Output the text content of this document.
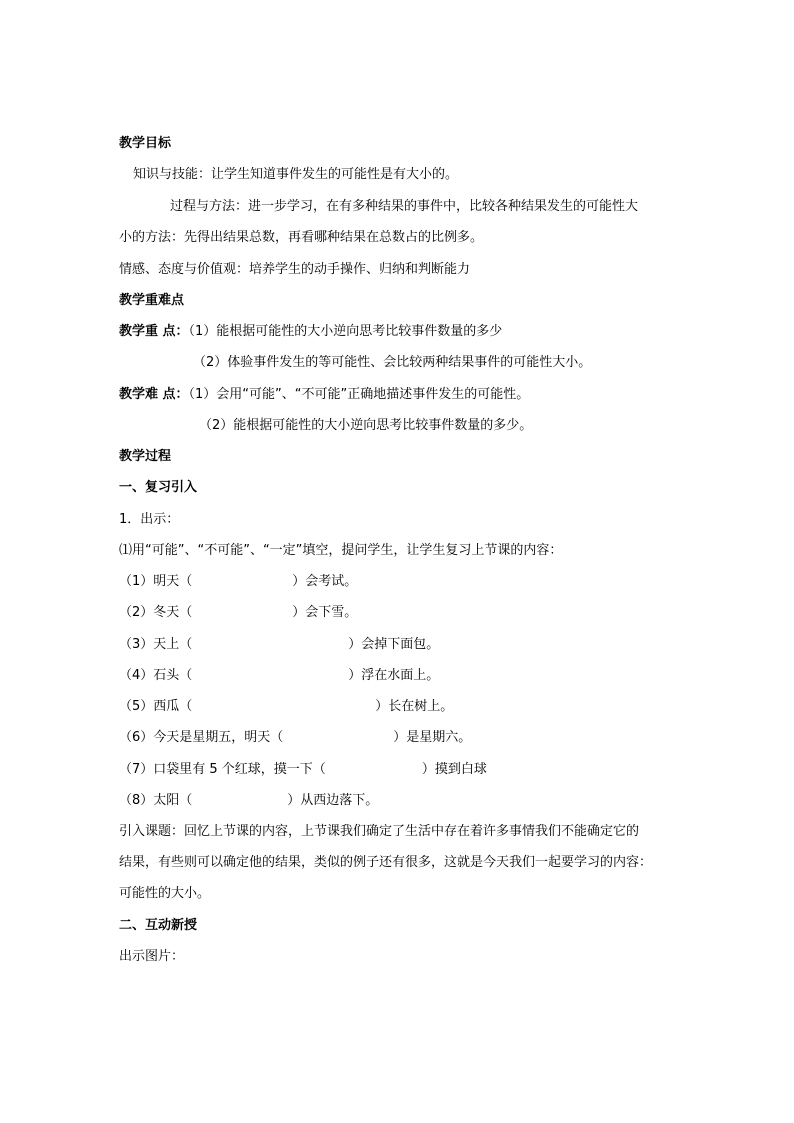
教学目标
知识与技能：让学生知道事件发生的可能性是有大小的。
过程与方法：进一步学习，在有多种结果的事件中，比较各种结果发生的可能性大
小的方法：先得出结果总数，再看哪种结果在总数占的比例多。
情感、态度与价值观：培养学生的动手操作、归纳和判断能力
教学重难点
教学重 点：（1）能根据可能性的大小逆向思考比较事件数量的多少
（2）体验事件发生的等可能性、会比较两种结果事件的可能性大小。
教学难 点：（1）会用“可能”、“不可能”正确地描述事件发生的可能性。
（2）能根据可能性的大小逆向思考比较事件数量的多少。
教学过程
一、复习引入
1．出示：
⑴用“可能”、“不可能”、“一定”填空，提问学生，让学生复习上节课的内容：
（1）明天（	）会考试。
（2）冬天（	）会下雪。
（3）天上（	）会掉下面包。
（4）石头（	）浮在水面上。
（5）西瓜（	）长在树上。
（6）今天是星期五，明天（	）是星期六。
（7）口袋里有 5 个红球，摸一下（	）摸到白球
（8）太阳（	）从西边落下。
引入课题：回忆上节课的内容，上节课我们确定了生活中存在着许多事情我们不能确定它的
结果，有些则可以确定他的结果，类似的例子还有很多，这就是今天我们一起要学习的内容：
可能性的大小。
二、互动新授
出示图片：
